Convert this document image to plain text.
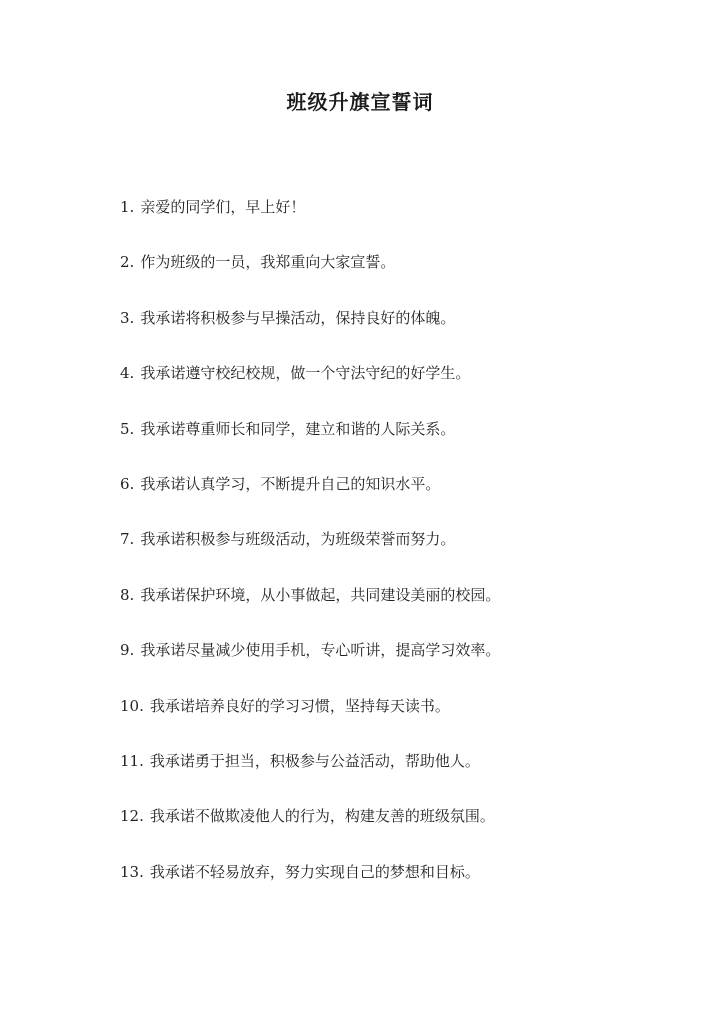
班级升旗宣誓词
1. 亲爱的同学们，早上好！
2. 作为班级的一员，我郑重向大家宣誓。
3. 我承诺将积极参与早操活动，保持良好的体魄。
4. 我承诺遵守校纪校规，做一个守法守纪的好学生。
5. 我承诺尊重师长和同学，建立和谐的人际关系。
6. 我承诺认真学习，不断提升自己的知识水平。
7. 我承诺积极参与班级活动，为班级荣誉而努力。
8. 我承诺保护环境，从小事做起，共同建设美丽的校园。
9. 我承诺尽量减少使用手机，专心听讲，提高学习效率。
10. 我承诺培养良好的学习习惯，坚持每天读书。
11. 我承诺勇于担当，积极参与公益活动，帮助他人。
12. 我承诺不做欺凌他人的行为，构建友善的班级氛围。
13. 我承诺不轻易放弃，努力实现自己的梦想和目标。
